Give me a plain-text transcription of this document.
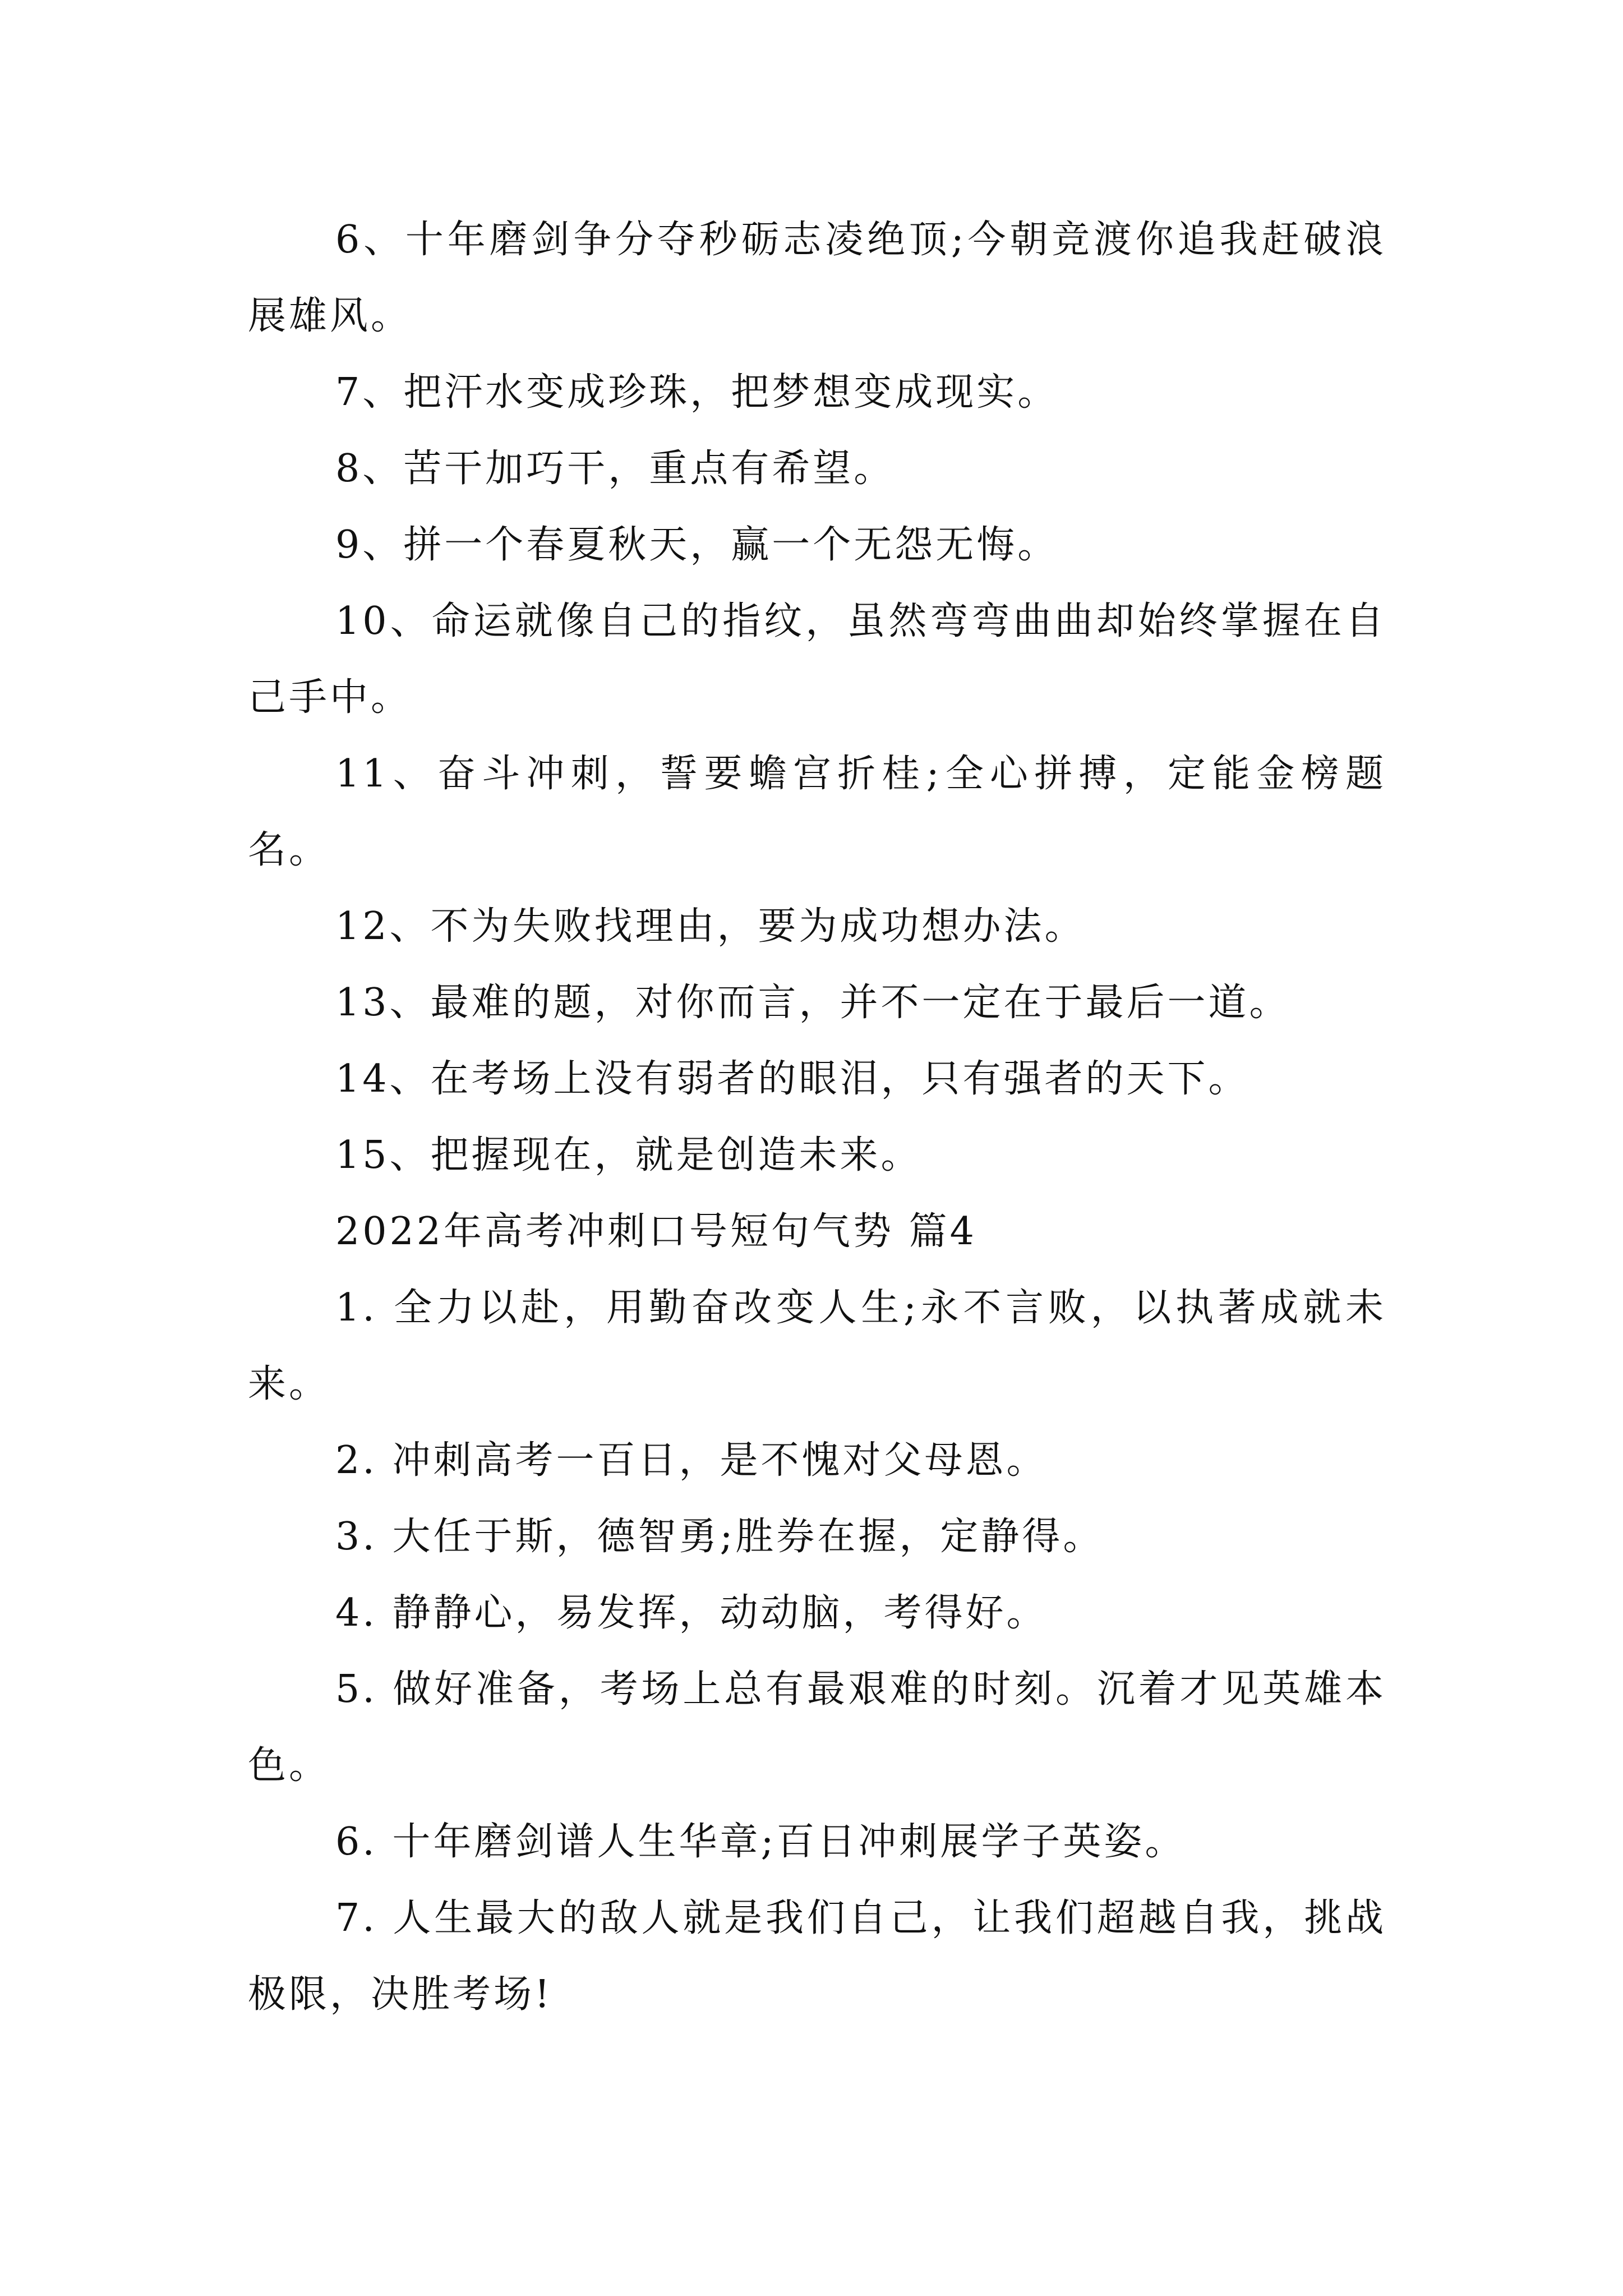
6、十年磨剑争分夺秒砺志凌绝顶;今朝竞渡你追我赶破浪展雄风。

7、把汗水变成珍珠，把梦想变成现实。

8、苦干加巧干，重点有希望。

9、拼一个春夏秋天，赢一个无怨无悔。

10、命运就像自己的指纹，虽然弯弯曲曲却始终掌握在自己手中。

11、奋斗冲刺，誓要蟾宫折桂;全心拼搏，定能金榜题名。

12、不为失败找理由，要为成功想办法。

13、最难的题，对你而言，并不一定在于最后一道。

14、在考场上没有弱者的眼泪，只有强者的天下。

15、把握现在，就是创造未来。

2022年高考冲刺口号短句气势 篇4

1. 全力以赴，用勤奋改变人生;永不言败，以执著成就未来。

2. 冲刺高考一百日，是不愧对父母恩。

3. 大任于斯，德智勇;胜券在握，定静得。

4. 静静心，易发挥，动动脑，考得好。

5. 做好准备，考场上总有最艰难的时刻。沉着才见英雄本色。

6. 十年磨剑谱人生华章;百日冲刺展学子英姿。

7. 人生最大的敌人就是我们自己，让我们超越自我，挑战极限，决胜考场!
